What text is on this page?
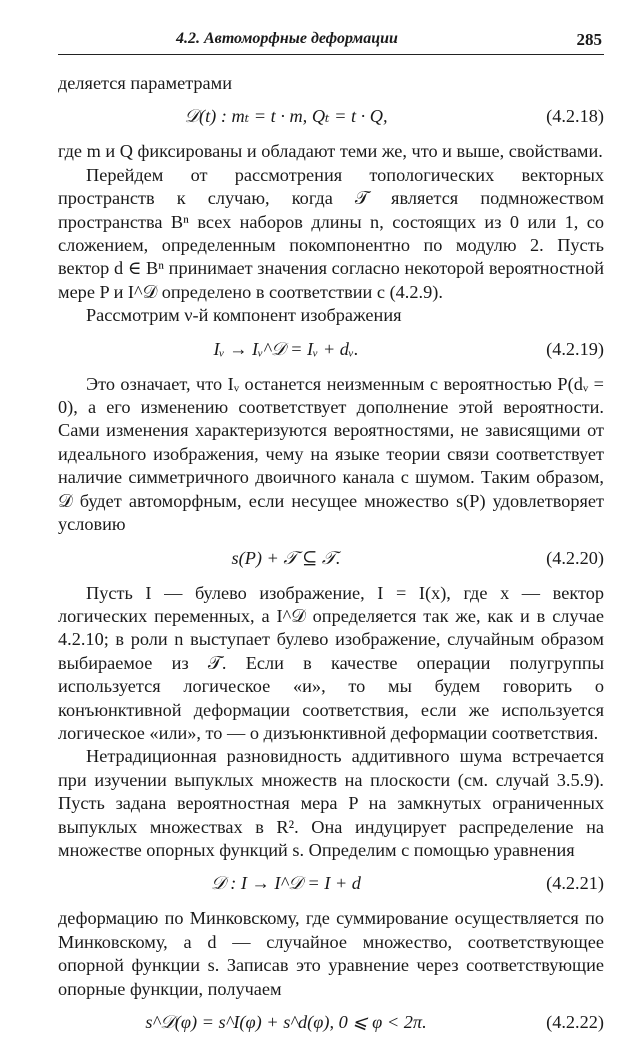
4.2. Автоморфные деформации	285

деляется параметрами

𝒟(t) : mₜ = t · m, Qₜ = t · Q,	(4.2.18)

где m и Q фиксированы и обладают теми же, что и выше, свойствами.

Перейдем от рассмотрения топологических векторных пространств к случаю, когда 𝒯 является подмножеством пространства Bⁿ всех наборов длины n, состоящих из 0 или 1, со сложением, определенным покомпонентно по модулю 2. Пусть вектор d ∈ Bⁿ принимает значения согласно некоторой вероятностной мере P и I^𝒟 определено в соответствии с (4.2.9).

Рассмотрим ν-й компонент изображения

Iᵥ → Iᵥ^𝒟 = Iᵥ + dᵥ.	(4.2.19)

Это означает, что Iᵥ останется неизменным с вероятностью P(dᵥ = 0), а его изменению соответствует дополнение этой вероятности. Сами изменения характеризуются вероятностями, не зависящими от идеального изображения, чему на языке теории связи соответствует наличие симметричного двоичного канала с шумом. Таким образом, 𝒟 будет автоморфным, если несущее множество s(P) удовлетворяет условию

s(P) + 𝒯 ⊆ 𝒯.	(4.2.20)

Пусть I — булево изображение, I = I(x), где x — вектор логических переменных, а I^𝒟 определяется так же, как и в случае 4.2.10; в роли n выступает булево изображение, случайным образом выбираемое из 𝒯. Если в качестве операции полугруппы используется логическое «и», то мы будем говорить о конъюнктивной деформации соответствия, если же используется логическое «или», то — о дизъюнктивной деформации соответствия.

Нетрадиционная разновидность аддитивного шума встречается при изучении выпуклых множеств на плоскости (см. случай 3.5.9). Пусть задана вероятностная мера P на замкнутых ограниченных выпуклых множествах в R². Она индуцирует распределение на множестве опорных функций s. Определим с помощью уравнения

𝒟 : I → I^𝒟 = I + d	(4.2.21)

деформацию по Минковскому, где суммирование осуществляется по Минковскому, а d — случайное множество, соответствующее опорной функции s. Записав это уравнение через соответствующие опорные функции, получаем

s^𝒟(φ) = s^I(φ) + s^d(φ), 0 ⩽ φ < 2π.	(4.2.22)
